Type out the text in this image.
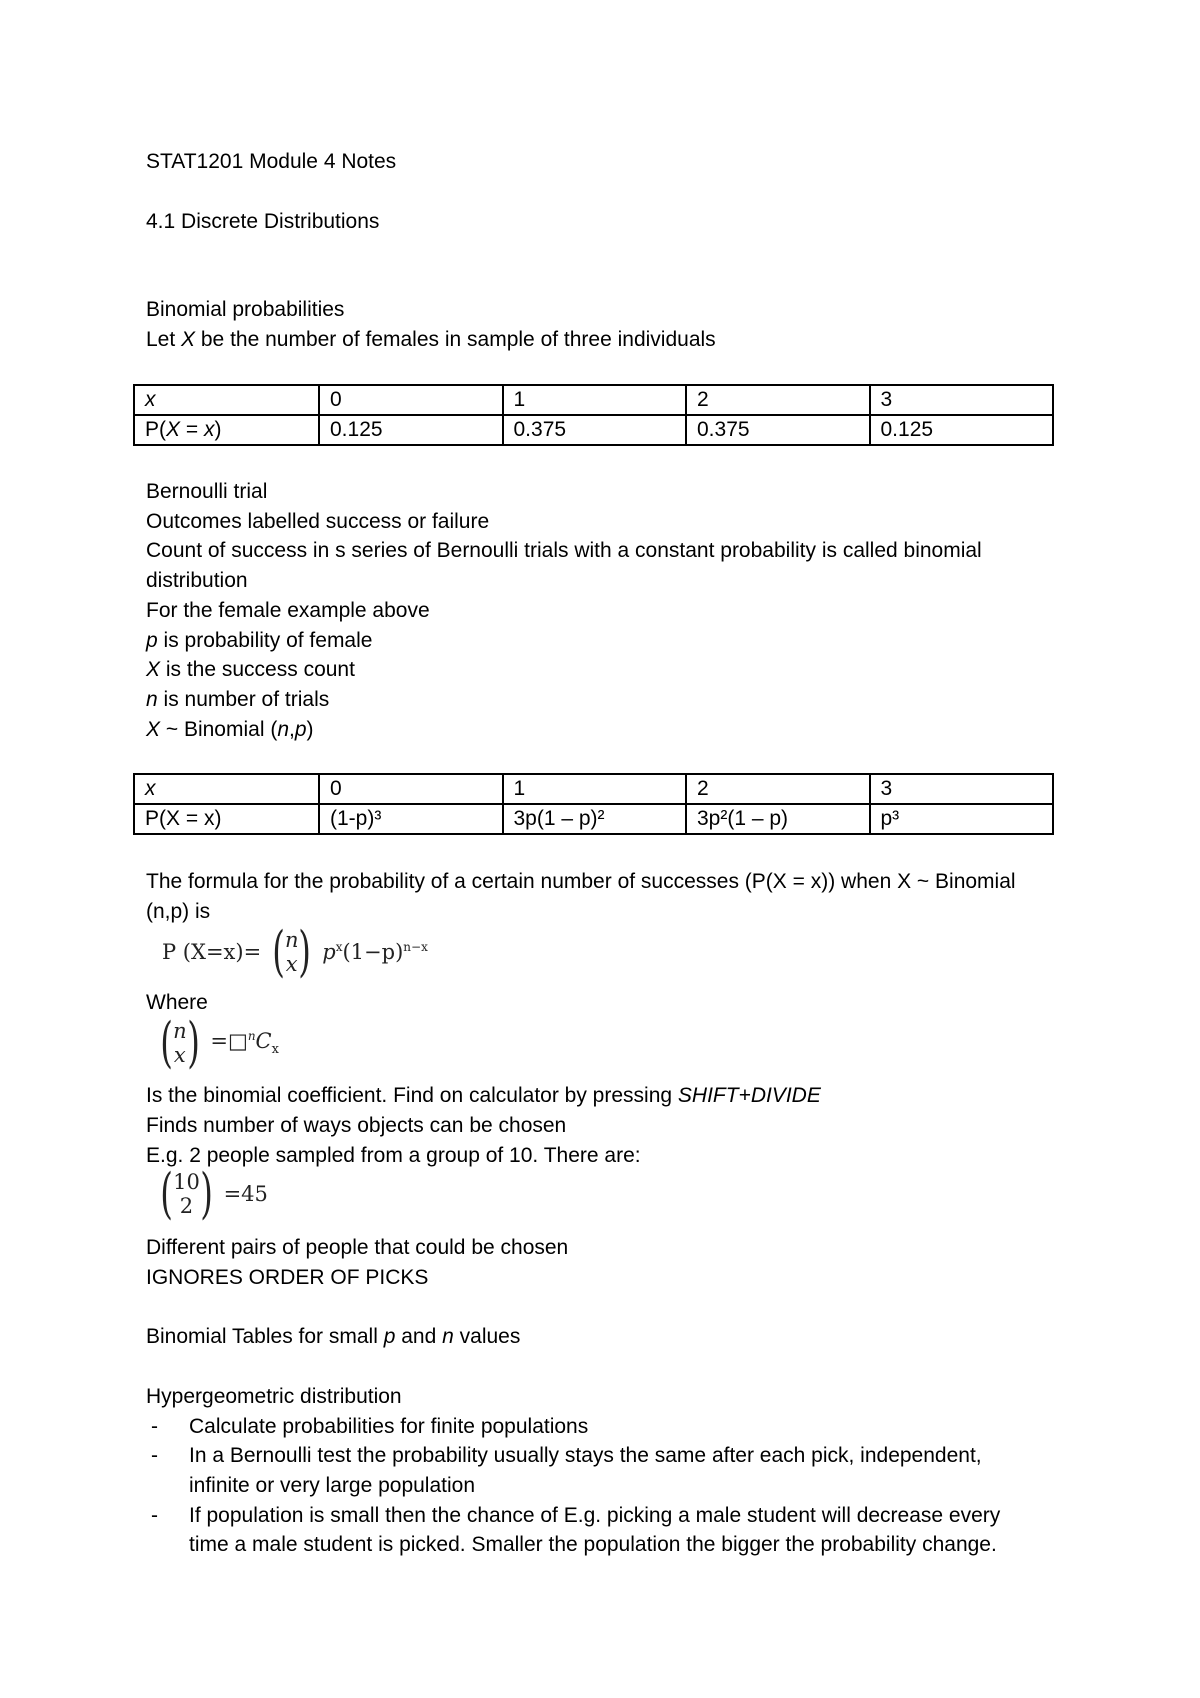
STAT1201 Module 4 Notes
4.1 Discrete Distributions
Binomial probabilities
Let X be the number of females in sample of three individuals
x	0	1	2	3
P(X = x)	0.125	0.375	0.375	0.125
Bernoulli trial
Outcomes labelled success or failure
Count of success in s series of Bernoulli trials with a constant probability is called binomial
distribution
For the female example above
p is probability of female
X is the success count
n is number of trials
X ~ Binomial (n,p)
x	0	1	2	3
P(X = x)	(1-p)³	3p(1 – p)²	3p²(1 – p)	p³
The formula for the probability of a certain number of successes (P(X = x)) when X ~ Binomial
(n,p) is
P (X=x)= ( n
x ) $p^x(1-p)^{n-x}$
Where
( n
x ) $=□^nC_x$
Is the binomial coefficient. Find on calculator by pressing SHIFT+DIVIDE
Finds number of ways objects can be chosen
E.g. 2 people sampled from a group of 10. There are:
( 10
2 ) =45
Different pairs of people that could be chosen
IGNORES ORDER OF PICKS
Binomial Tables for small p and n values
Hypergeometric distribution
- Calculate probabilities for finite populations
- In a Bernoulli test the probability usually stays the same after each pick, independent,
infinite or very large population
- If population is small then the chance of E.g. picking a male student will decrease every
time a male student is picked. Smaller the population the bigger the probability change.
